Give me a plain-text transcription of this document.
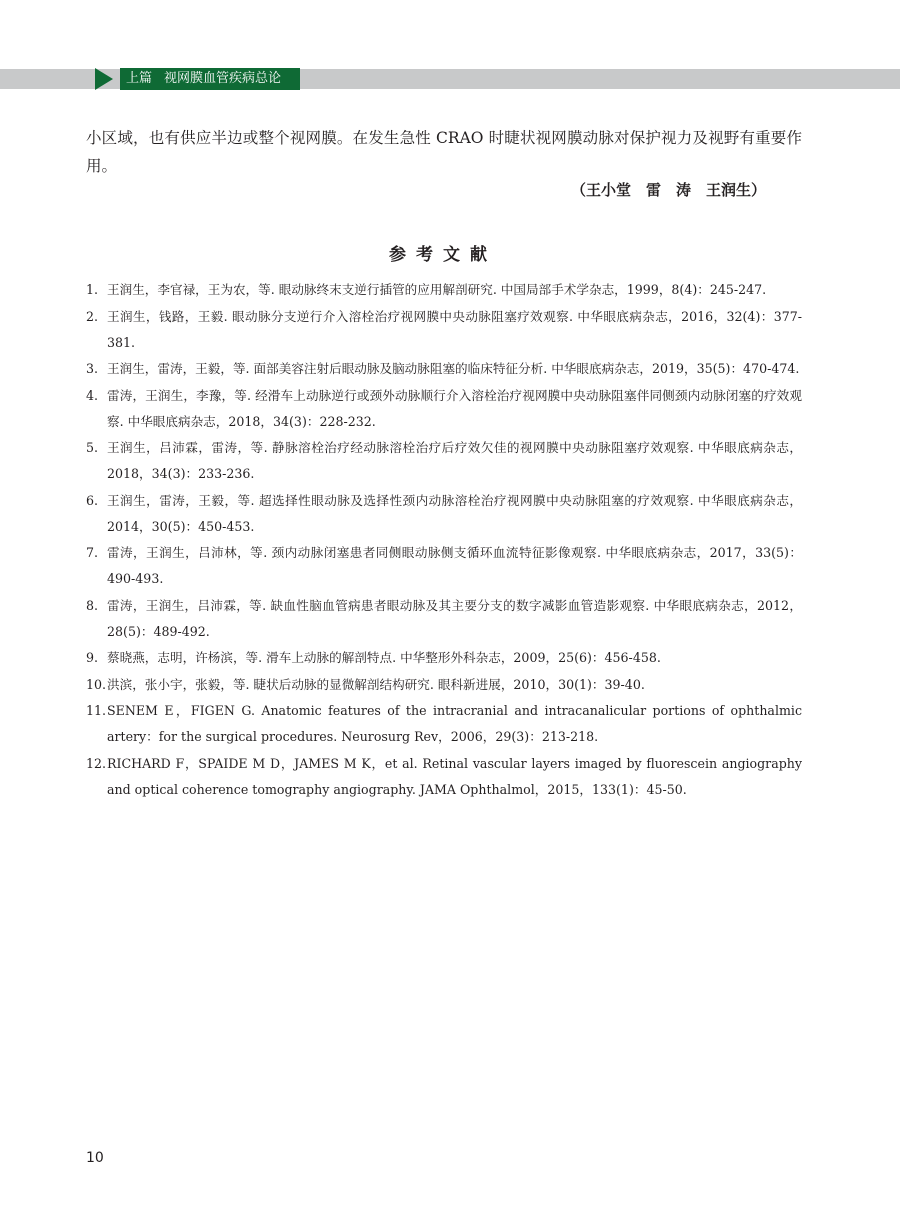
上篇 视网膜血管疾病总论

小区域，也有供应半边或整个视网膜。在发生急性 CRAO 时睫状视网膜动脉对保护视力及视野有重要作用。

（王小堂　雷　涛　王润生）

参考文献
1. 王润生，李官禄，王为农，等. 眼动脉终末支逆行插管的应用解剖研究. 中国局部手术学杂志，1999，8(4)：245-247.
2. 王润生，钱路，王毅. 眼动脉分支逆行介入溶栓治疗视网膜中央动脉阻塞疗效观察. 中华眼底病杂志，2016，32(4)：377-381.
3. 王润生，雷涛，王毅，等. 面部美容注射后眼动脉及脑动脉阻塞的临床特征分析. 中华眼底病杂志，2019，35(5)：470-474.
4. 雷涛，王润生，李豫，等. 经滑车上动脉逆行或颈外动脉顺行介入溶栓治疗视网膜中央动脉阻塞伴同侧颈内动脉闭塞的疗效观察. 中华眼底病杂志，2018，34(3)：228-232.
5. 王润生，吕沛霖，雷涛，等. 静脉溶栓治疗经动脉溶栓治疗后疗效欠佳的视网膜中央动脉阻塞疗效观察. 中华眼底病杂志，2018，34(3)：233-236.
6. 王润生，雷涛，王毅，等. 超选择性眼动脉及选择性颈内动脉溶栓治疗视网膜中央动脉阻塞的疗效观察. 中华眼底病杂志，2014，30(5)：450-453.
7. 雷涛，王润生，吕沛林，等. 颈内动脉闭塞患者同侧眼动脉侧支循环血流特征影像观察. 中华眼底病杂志，2017，33(5)：490-493.
8. 雷涛，王润生，吕沛霖，等. 缺血性脑血管病患者眼动脉及其主要分支的数字减影血管造影观察. 中华眼底病杂志，2012，28(5)：489-492.
9. 蔡晓燕，志明，许杨滨，等. 滑车上动脉的解剖特点. 中华整形外科杂志，2009，25(6)：456-458.
10. 洪滨，张小宇，张毅，等. 睫状后动脉的显微解剖结构研究. 眼科新进展，2010，30(1)：39-40.
11. SENEM E，FIGEN G. Anatomic features of the intracranial and intracanalicular portions of ophthalmic artery：for the surgical procedures. Neurosurg Rev，2006，29(3)：213-218.
12. RICHARD F，SPAIDE M D，JAMES M K，et al. Retinal vascular layers imaged by fluorescein angiography and optical coherence tomography angiography. JAMA Ophthalmol，2015，133(1)：45-50.

10
